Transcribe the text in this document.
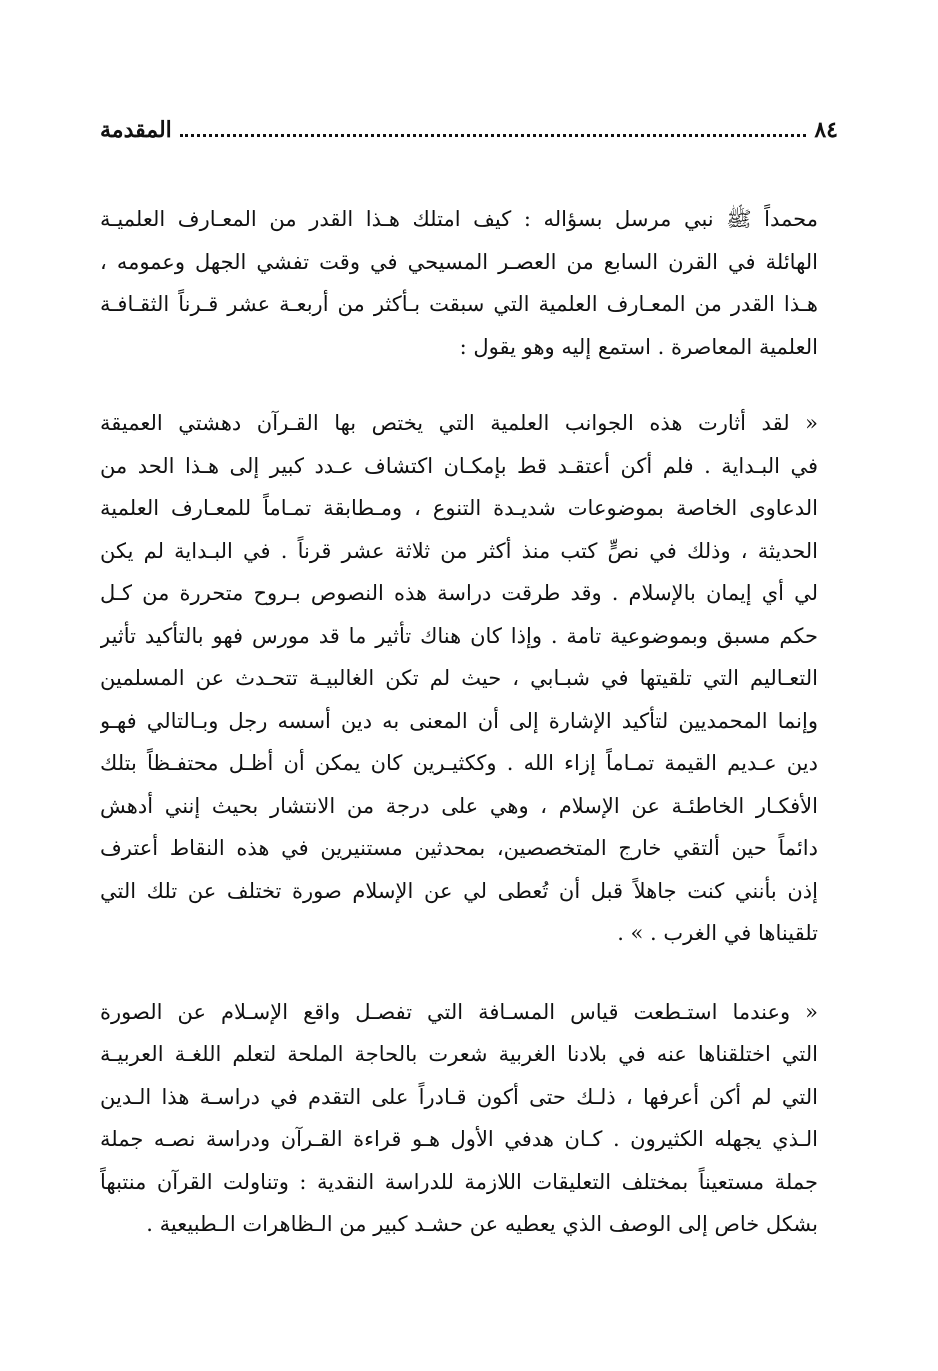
٨٤
المقدمة

محمداً ﷺ نبي مرسل بسؤاله : كيف امتلك هـذا القدر من المعـارف العلميـة
الهائلة في القرن السابع من العصـر المسيحي في وقت تفشي الجهل وعمومه ،
هـذا القدر من المعـارف العلمية التي سبقت بـأكثر من أربعـة عشر قـرناً الثقـافـة
العلمية المعاصرة . استمع إليه وهو يقول :

« لقد أثارت هذه الجوانب العلمية التي يختص بها القـرآن دهشتي العميقة
في البـداية . فلم أكن أعتقـد قط بإمكـان اكتشاف عـدد كبير إلى هـذا الحد من
الدعاوى الخاصة بموضوعات شديـدة التنوع ، ومـطابقة تمـاماً للمعـارف العلمية
الحديثة ، وذلك في نصٍّ كتب منذ أكثر من ثلاثة عشر قرناً . في البـداية لم يكن
لي أي إيمان بالإسلام . وقد طرقت دراسة هذه النصوص بـروح متحررة من كـل
حكم مسبق وبموضوعية تامة . وإذا كان هناك تأثير ما قد مورس فهو بالتأكيد تأثير
التعـاليم التي تلقيتها في شبـابي ، حيث لم تكن الغالبيـة تتحـدث عن المسلمين
وإنما المحمديين لتأكيد الإشارة إلى أن المعنى به دين أسسه رجل وبـالتالي فهـو
دين عـديم القيمة تمـاماً إزاء الله . وككثيـرين كان يمكن أن أظـل محتفـظاً بتلك
الأفكـار الخاطئـة عن الإسلام ، وهي على درجة من الانتشار بحيث إنني أدهش
دائماً حين ألتقي خارج المتخصصين، بمحدثين مستنيرين في هذه النقاط أعترف
إذن بأنني كنت جاهلاً قبل أن تُعطى لي عن الإسلام صورة تختلف عن تلك التي
تلقيناها في الغرب . » .

« وعندما استـطعت قياس المسـافة التي تفصـل واقع الإسـلام عن الصورة
التي اختلقناها عنه في بلادنا الغربية شعرت بالحاجة الملحة لتعلم اللغـة العربيـة
التي لم أكن أعرفها ، ذلـك حتى أكون قـادراً على التقدم في دراسـة هذا الـدين
الـذي يجهله الكثيرون . كـان هدفي الأول هـو قراءة القـرآن ودراسة نصـه جملة
جملة مستعيناً بمختلف التعليقات اللازمة للدراسة النقدية : وتناولت القرآن منتبهاً
بشكل خاص إلى الوصف الذي يعطيه عن حشـد كبير من الـظاهرات الـطبيعية .
